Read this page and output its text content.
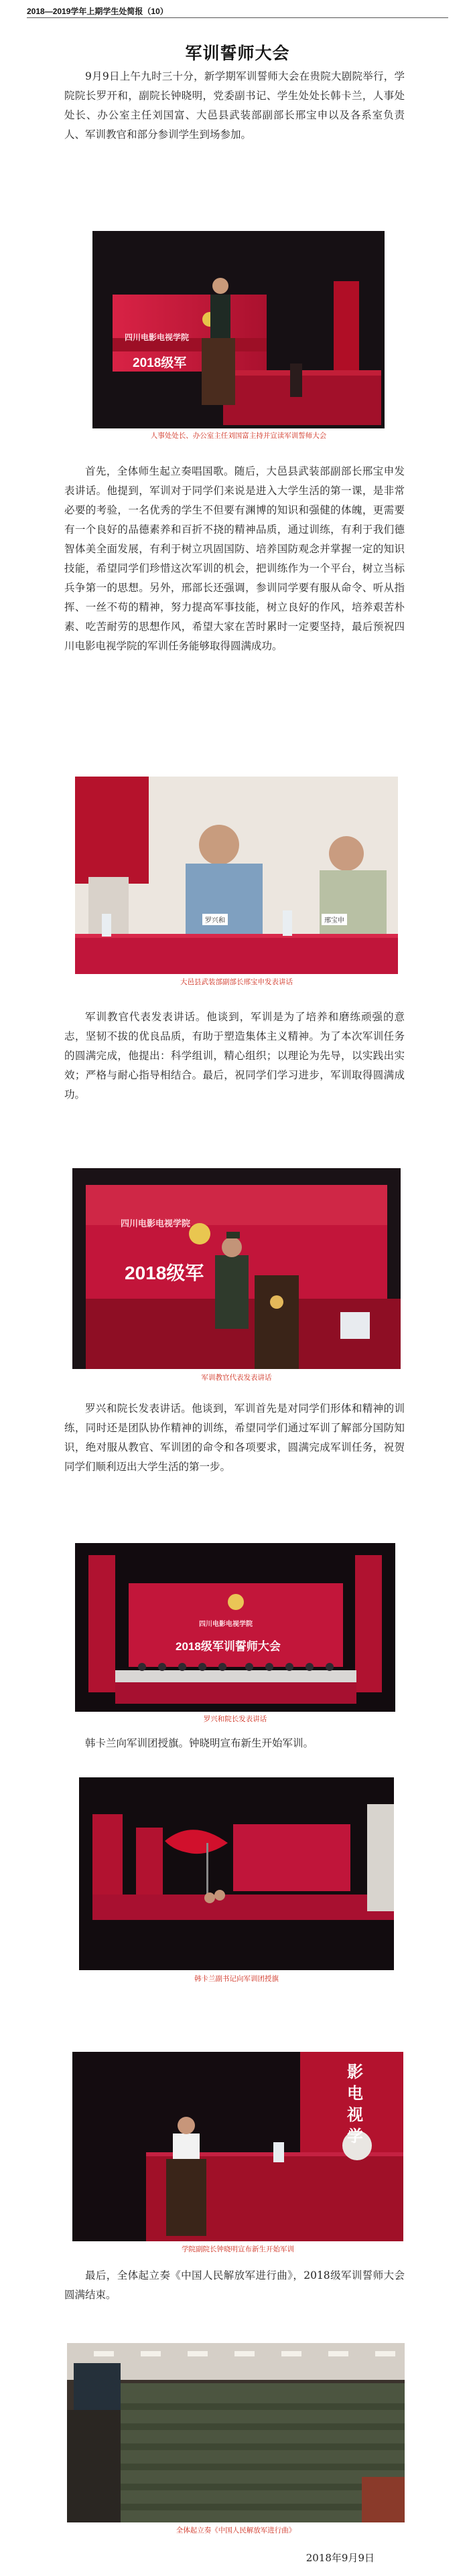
2018—2019学年上期学生处简报（10）
军训誓师大会

9月9日上午九时三十分，新学期军训誓师大会在贵院大剧院举行，学院院长罗开和，副院长钟晓明，党委副书记、学生处处长韩卡兰，人事处处长、办公室主任刘国富、大邑县武装部副部长邢宝申以及各系室负责人、军训教官和部分参训学生到场参加。

四川电影电视学院
2018级军
人事处处长、办公室主任刘国富主持并宣读军训誓师大会

首先，全体师生起立奏唱国歌。随后，大邑县武装部副部长邢宝申发表讲话。他提到，军训对于同学们来说是进入大学生活的第一课，是非常必要的考验，一名优秀的学生不但要有渊博的知识和强健的体魄，更需要有一个良好的品德素养和百折不挠的精神品质，通过训练，有利于我们德智体美全面发展，有利于树立巩固国防、培养国防观念并掌握一定的知识技能，希望同学们珍惜这次军训的机会，把训练作为一个平台，树立当标兵争第一的思想。另外，邢部长还强调，参训同学要有服从命令、听从指挥、一丝不苟的精神，努力提高军事技能，树立良好的作风，培养艰苦朴素、吃苦耐劳的思想作风，希望大家在苦时累时一定要坚持，最后预祝四川电影电视学院的军训任务能够取得圆满成功。

罗兴和	邢宝申
大邑县武装部副部长邢宝申发表讲话

军训教官代表发表讲话。他谈到，军训是为了培养和磨练顽强的意志，坚韧不拔的优良品质，有助于塑造集体主义精神。为了本次军训任务的圆满完成，他提出：科学组训，精心组织；以理论为先导，以实践出实效；严格与耐心指导相结合。最后，祝同学们学习进步，军训取得圆满成功。

四川电影电视学院
2018级军
军训教官代表发表讲话

罗兴和院长发表讲话。他谈到，军训首先是对同学们形体和精神的训练，同时还是团队协作精神的训练，希望同学们通过军训了解部分国防知识，绝对服从教官、军训团的命令和各项要求，圆满完成军训任务，祝贺同学们顺利迈出大学生活的第一步。

四川电影电视学院
2018级军训誓师大会
罗兴和院长发表讲话

韩卡兰向军训团授旗。钟晓明宣布新生开始军训。

韩卡兰副书记向军训团授旗
影电视学
学院副院长钟晓明宣布新生开始军训

最后，全体起立奏《中国人民解放军进行曲》，2018级军训誓师大会圆满结束。

全体起立奏《中国人民解放军进行曲》
2018年9月9日
